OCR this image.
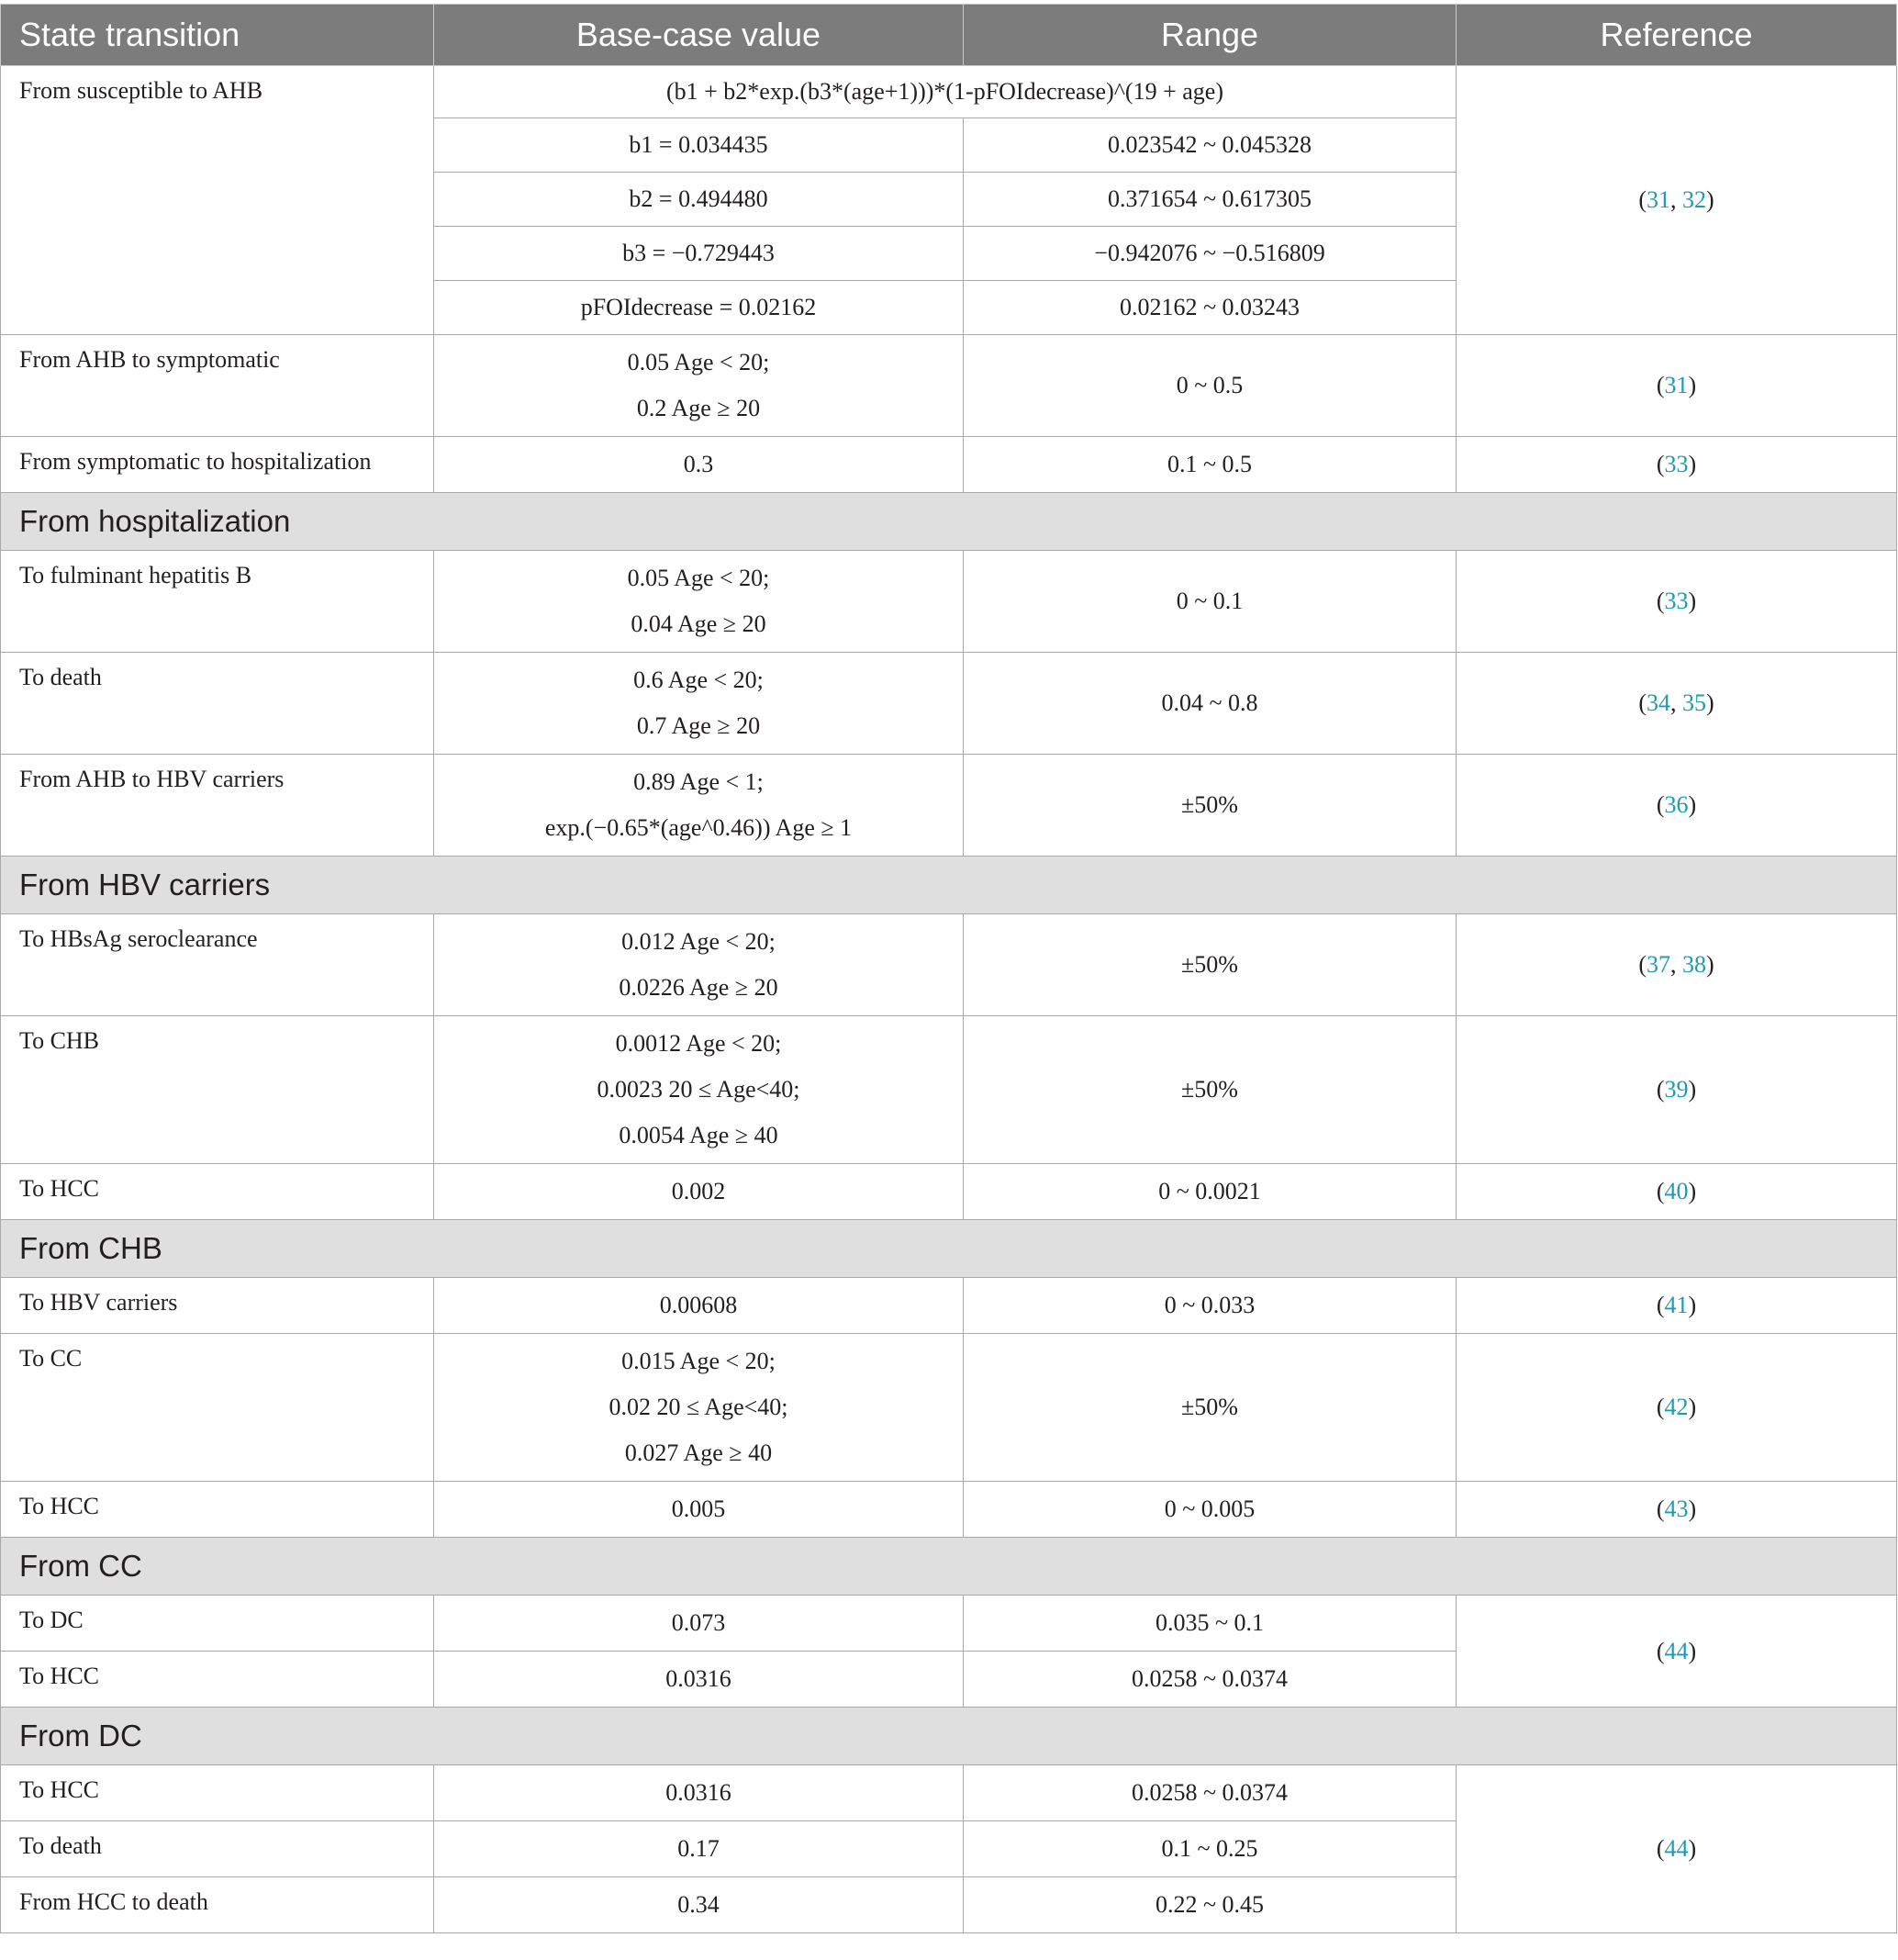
State transition	Base-case value	Range	Reference
From susceptible to AHB	(b1 + b2*exp.(b3*(age+1)))*(1-pFOIdecrease)^(19 + age)		(31, 32)
	b1 = 0.034435	0.023542 ~ 0.045328	
	b2 = 0.494480	0.371654 ~ 0.617305	
	b3 = −0.729443	−0.942076 ~ −0.516809	
	pFOIdecrease = 0.02162	0.02162 ~ 0.03243	
From AHB to symptomatic	0.05 Age < 20;
0.2 Age ≥ 20	0 ~ 0.5	(31)
From symptomatic to hospitalization	0.3	0.1 ~ 0.5	(33)
From hospitalization			
To fulminant hepatitis B	0.05 Age < 20;
0.04 Age ≥ 20	0 ~ 0.1	(33)
To death	0.6 Age < 20;
0.7 Age ≥ 20	0.04 ~ 0.8	(34, 35)
From AHB to HBV carriers	0.89 Age < 1;
exp.(−0.65*(age^0.46)) Age ≥ 1	±50%	(36)
From HBV carriers			
To HBsAg seroclearance	0.012 Age < 20;
0.0226 Age ≥ 20	±50%	(37, 38)
To CHB	0.0012 Age < 20;
0.0023 20 ≤ Age<40;
0.0054 Age ≥ 40	±50%	(39)
To HCC	0.002	0 ~ 0.0021	(40)
From CHB			
To HBV carriers	0.00608	0 ~ 0.033	(41)
To CC	0.015 Age < 20;
0.02 20 ≤ Age<40;
0.027 Age ≥ 40	±50%	(42)
To HCC	0.005	0 ~ 0.005	(43)
From CC			
To DC	0.073	0.035 ~ 0.1	(44)
To HCC	0.0316	0.0258 ~ 0.0374	
From DC			
To HCC	0.0316	0.0258 ~ 0.0374	(44)
To death	0.17	0.1 ~ 0.25	
From HCC to death	0.34	0.22 ~ 0.45	
